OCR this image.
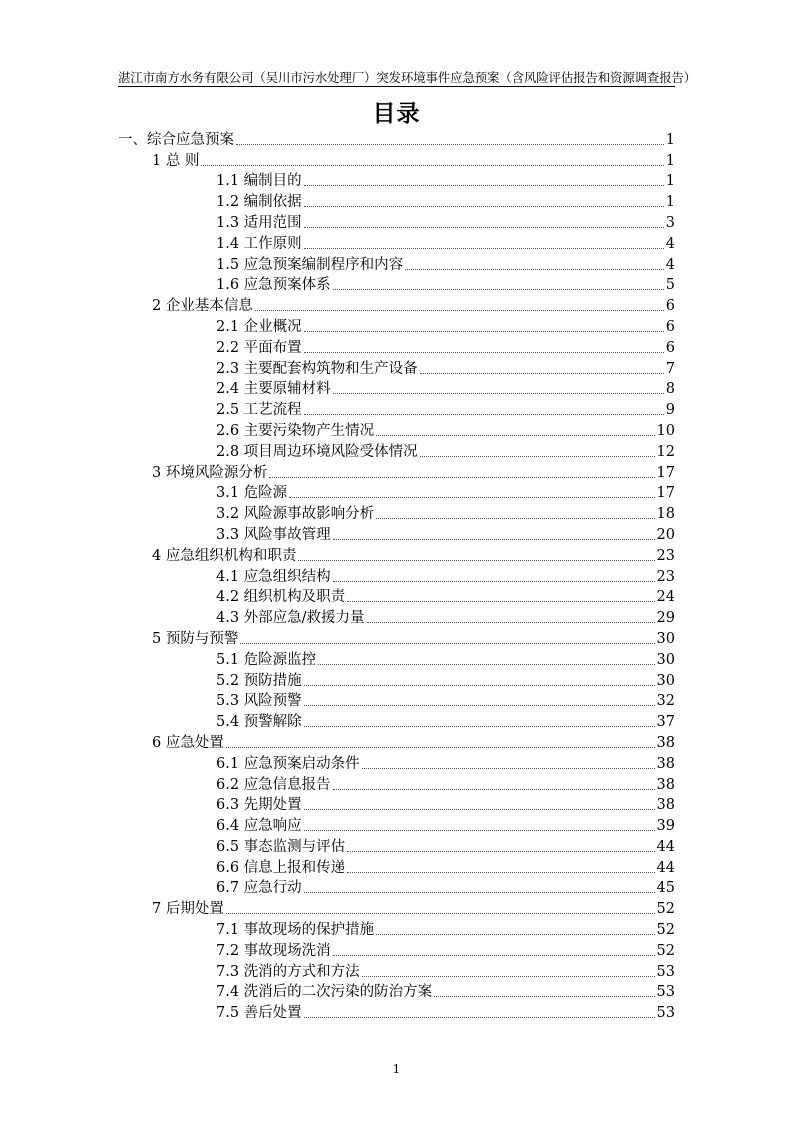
湛江市南方水务有限公司（吴川市污水处理厂）突发环境事件应急预案（含风险评估报告和资源调查报告）
目录
一、综合应急预案	1
1 总 则	1
1.1 编制目的	1
1.2 编制依据	1
1.3 适用范围	3
1.4 工作原则	4
1.5 应急预案编制程序和内容	4
1.6 应急预案体系	5
2 企业基本信息	6
2.1 企业概况	6
2.2 平面布置	6
2.3 主要配套构筑物和生产设备	7
2.4 主要原辅材料	8
2.5 工艺流程	9
2.6 主要污染物产生情况	10
2.8 项目周边环境风险受体情况	12
3 环境风险源分析	17
3.1 危险源	17
3.2 风险源事故影响分析	18
3.3 风险事故管理	20
4 应急组织机构和职责	23
4.1 应急组织结构	23
4.2 组织机构及职责	24
4.3 外部应急/救援力量	29
5 预防与预警	30
5.1 危险源监控	30
5.2 预防措施	30
5.3 风险预警	32
5.4 预警解除	37
6 应急处置	38
6.1 应急预案启动条件	38
6.2 应急信息报告	38
6.3 先期处置	38
6.4 应急响应	39
6.5 事态监测与评估	44
6.6 信息上报和传递	44
6.7 应急行动	45
7 后期处置	52
7.1 事故现场的保护措施	52
7.2 事故现场洗消	52
7.3 洗消的方式和方法	53
7.4 洗消后的二次污染的防治方案	53
7.5 善后处置	53
1
